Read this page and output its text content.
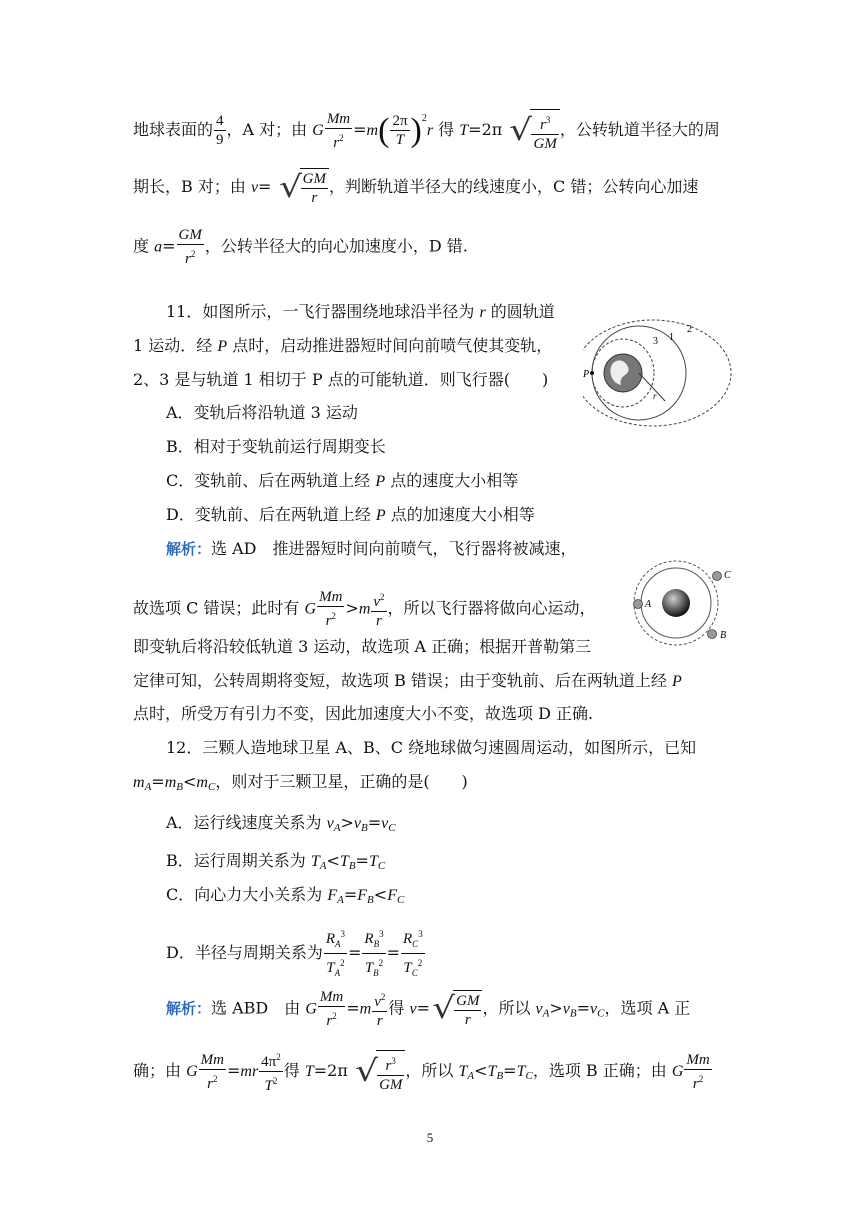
地球表面的 $\frac{4}{9}$ ，A 对；由 G $\frac{Mm}{r^2} =m( \frac{2\pi}{T} )^2r$ 得 T=2π √ $\frac{r^3}{GM}$ ，公转轨道半径大的周
期长，B 对；由 v= √ $\frac{GM}{r}$ ，判断轨道半径大的线速度小，C 错；公转向心加速
度 $a= \frac{GM}{r^2}$ ，公转半径大的向心加速度小，D 错.
11．如图所示，一飞行器围绕地球沿半径为 r 的圆轨道
1 运动．经 P 点时，启动推进器短时间向前喷气使其变轨，
2、3 是与轨道 1 相切于 P 点的可能轨道．则飞行器(　　)
A．变轨后将沿轨道 3 运动
B．相对于变轨前运行周期变长
C．变轨前、后在两轨道上经 P 点的速度大小相等
D．变轨前、后在两轨道上经 P 点的加速度大小相等
解析：选 AD　推进器短时间向前喷气，飞行器将被减速，
故选项 C 错误；此时有 G $\frac{Mm}{r^2} >m \frac{v^2}{r}$ ，所以飞行器将做向心运动，
即变轨后将沿较低轨道 3 运动，故选项 A 正确；根据开普勒第三
定律可知，公转周期将变短，故选项 B 错误；由于变轨前、后在两轨道上经 P
点时，所受万有引力不变，因此加速度大小不变，故选项 D 正确.
P
3 1
2
r
A
B
C
12．三颗人造地球卫星 A、B、C 绕地球做匀速圆周运动，如图所示，已知
$m_A=m_B<m_C$，则对于三颗卫星，正确的是(　　)
A．运行线速度关系为 $v_A>v_B=v_C$
B．运行周期关系为 $T_A<T_B=T_C$
C．向心力大小关系为 $F_A=F_B<F_C$
D．半径与周期关系为 $\frac{R_A^3}{T_A^2} = \frac{R_B^3}{T_B^2} = \frac{R_C^3}{T_C^2}$
解析：选 ABD　由 G $\frac{Mm}{r^2} =m \frac{v^2}{r}$ 得 $v=√ \frac{GM}{r}$ ，所以 $v_A>v_B=v_C$，选项 A 正
确；由 G $\frac{Mm}{r^2} =mr \frac{4\pi^2}{T^2}$ 得 T=2π √ $\frac{r^3}{GM}$ ，所以 $T_A<T_B=T_C$，选项 B 正确；由 G $\frac{Mm}{r^2}$
5
